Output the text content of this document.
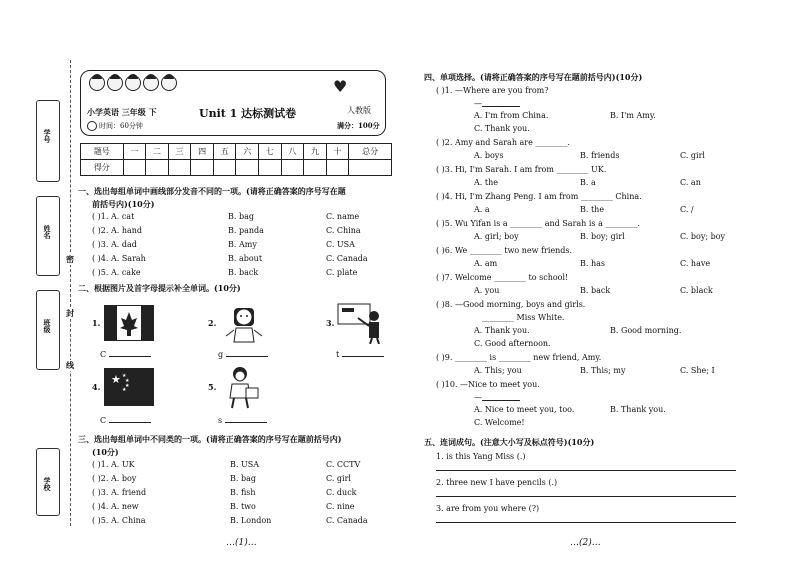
学号
姓名
班级
学校
密
封
线
♥
小学英语 三年级 下	Unit 1 达标测试卷	人教版
时间：60分钟	满分：100分
题号	一	二	三	四	五	六	七	八	九	十	总分
得分											
一、选出每组单词中画线部分发音不同的一项。(请将正确答案的序号写在题
前括号内)(10分)
( )1. A. cat	B. bag	C. name
( )2. A. hand	B. panda	C. China
( )3. A. dad	B. Amy	C. USA
( )4. A. Sarah	B. about	C. Canada
( )5. A. cake	B. back	C. plate
二、根据图片及首字母提示补全单词。(10分)
1.
C
2.
g
3.
t
4.
★ ★
★
★
★
C
5.
s
三、选出每组单词中不同类的一项。(请将正确答案的序号写在题前括号内)
(10分)
( )1. A. UK	B. USA	C. CCTV
( )2. A. boy	B. bag	C. girl
( )3. A. friend	B. fish	C. duck
( )4. A. new	B. two	C. nine
( )5. A. China	B. London	C. Canada
…(1)…
四、单项选择。(请将正确答案的序号写在题前括号内)(10分)
( )1. —Where are you from?
—
A. I'm from China.	B. I'm Amy.
C. Thank you.
( )2. Amy and Sarah are ________.
A. boys	B. friends	C. girl
( )3. Hi, I'm Sarah. I am from ________ UK.
A. the	B. a	C. an
( )4. Hi, I'm Zhang Peng. I am from ________ China.
A. a	B. the	C. /
( )5. Wu Yifan is a ________ and Sarah is a ________.
A. girl; boy	B. boy; girl	C. boy; boy
( )6. We ________ two new friends.
A. am	B. has	C. have
( )7. Welcome ________ to school!
A. you	B. back	C. black
( )8. —Good morning, boys and girls.
________ Miss White.
A. Thank you.	B. Good morning.
C. Good afternoon.
( )9. ________ is ________ new friend, Amy.
A. This; you	B. This; my	C. She; I
( )10. —Nice to meet you.
—
A. Nice to meet you, too.	B. Thank you.
C. Welcome!
五、连词成句。(注意大小写及标点符号)(10分)
1. is this Yang Miss (.)
2. three new I have pencils (.)
3. are from you where (?)
…(2)…
